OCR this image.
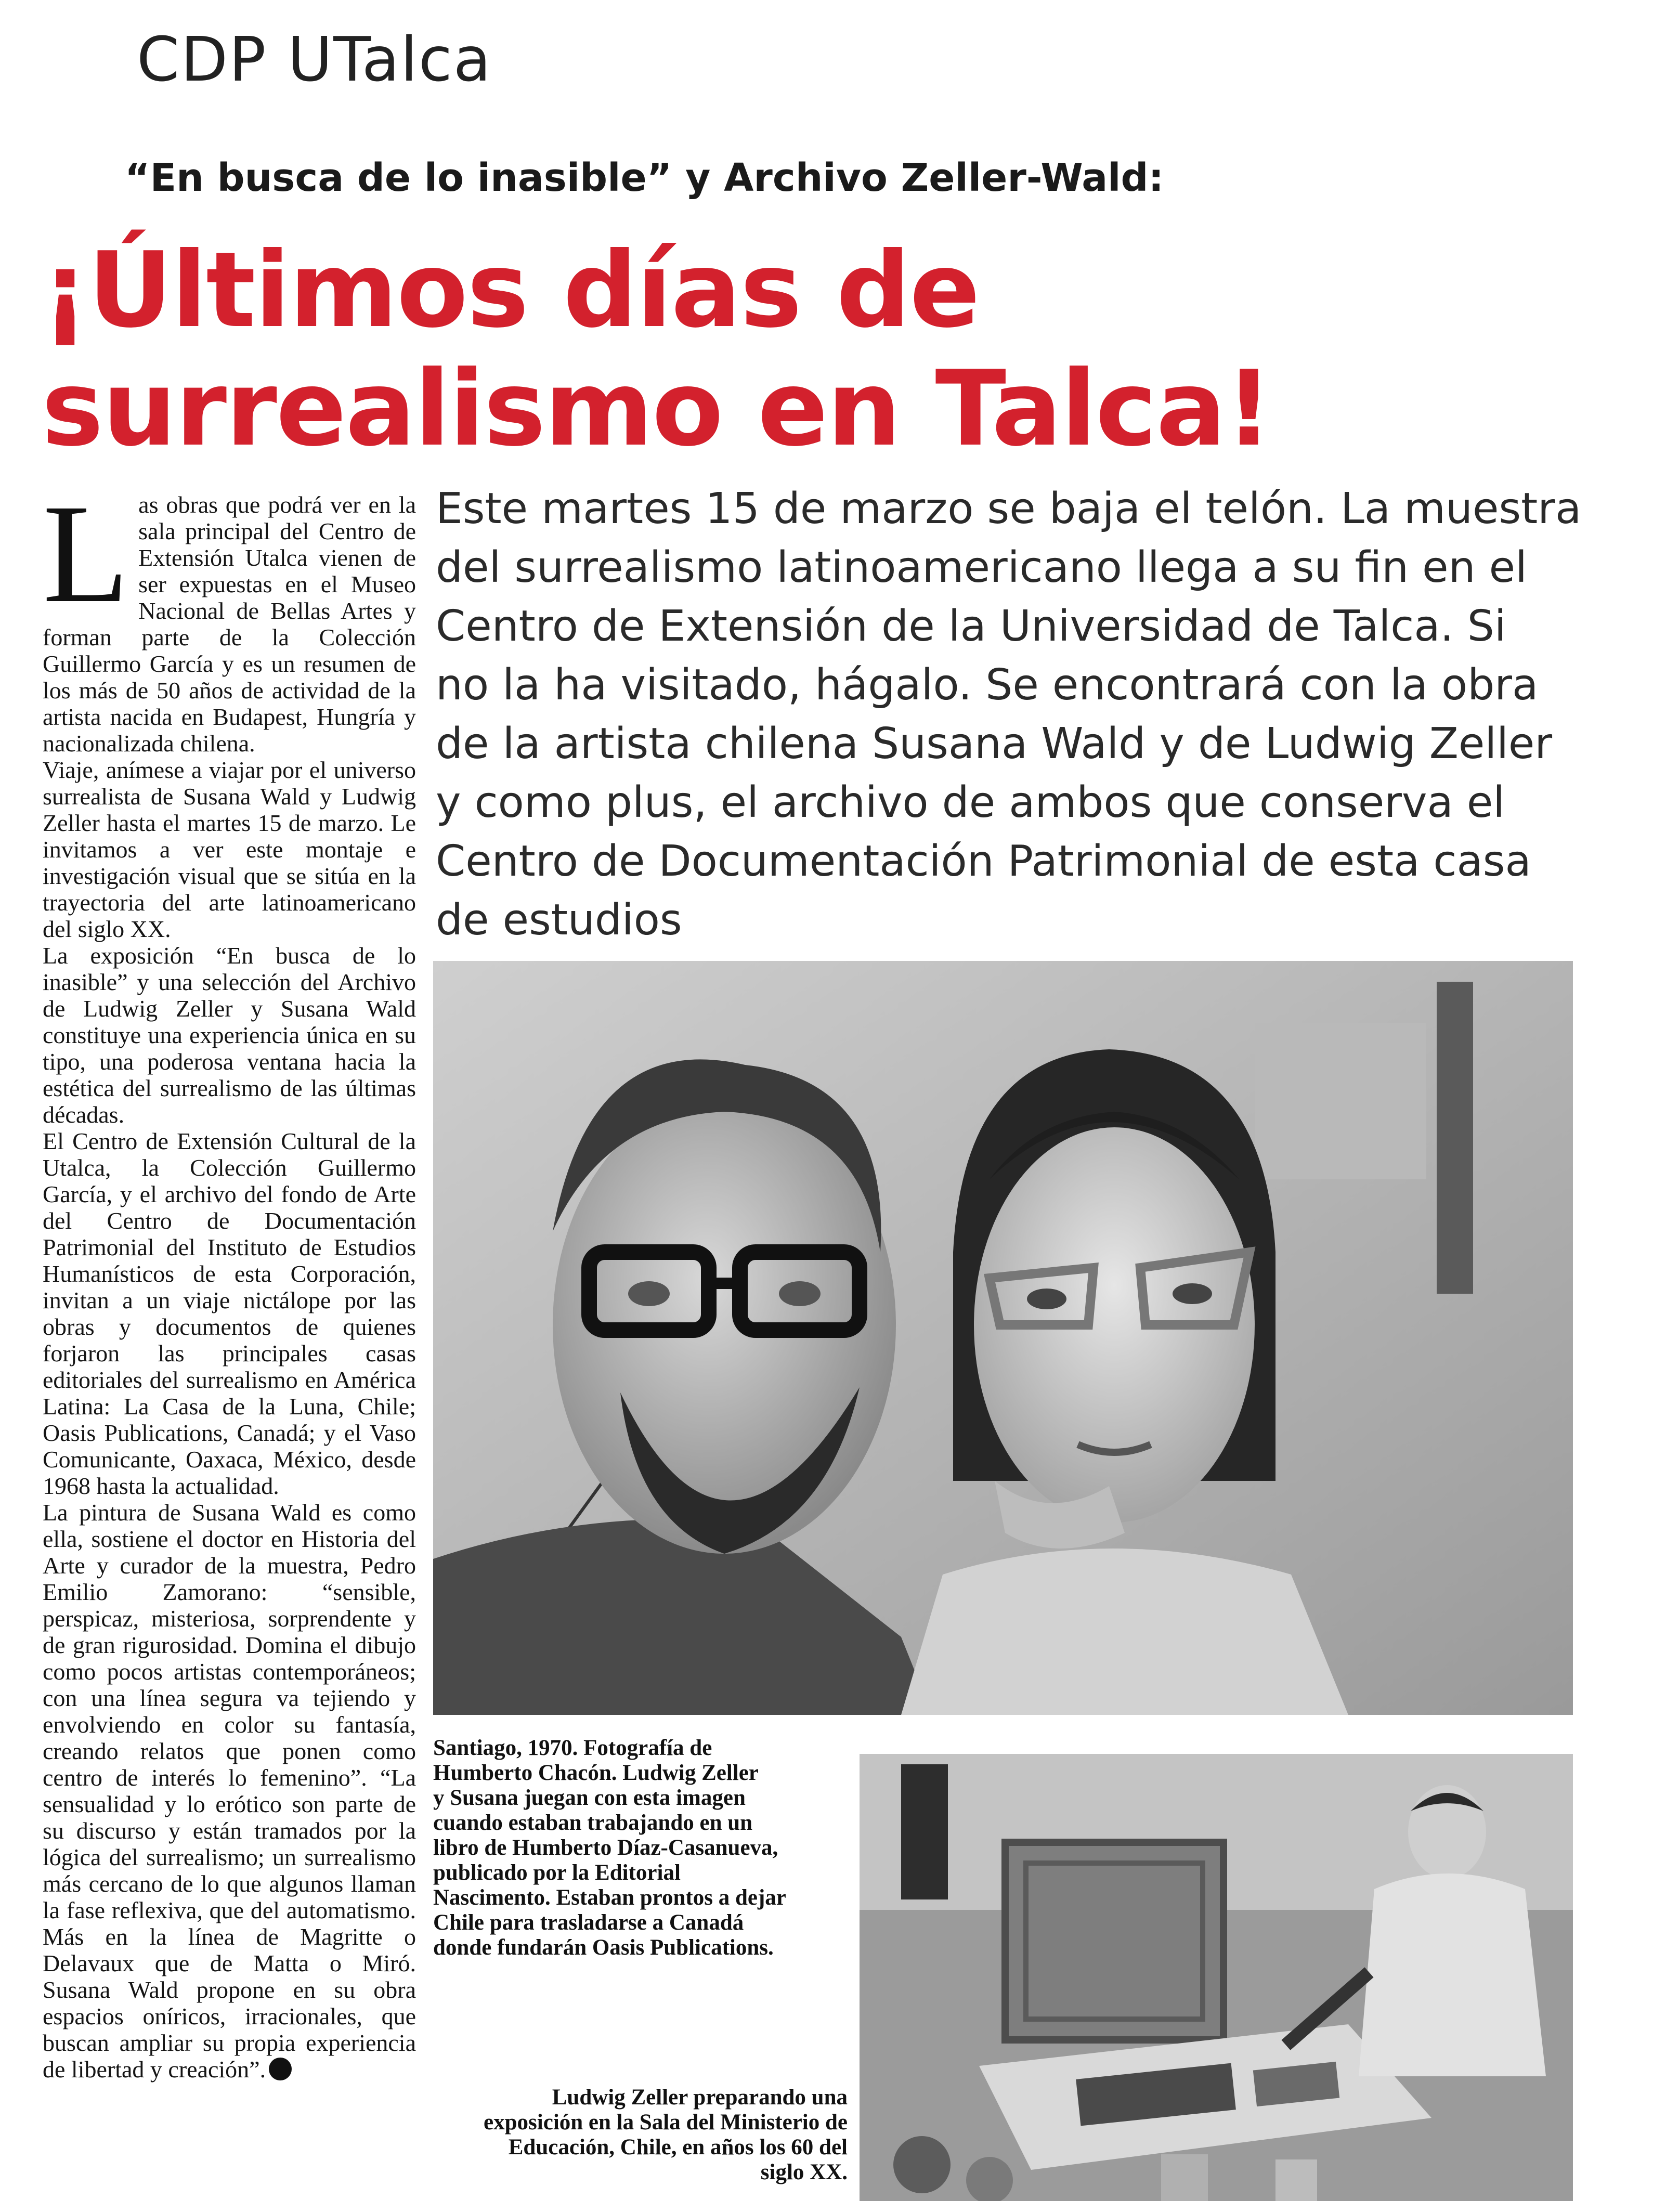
CDP UTalca
“En busca de lo inasible” y Archivo Zeller-Wald:
¡Últimos días de
surrealismo en Talca!
Este martes 15 de marzo se baja el telón. La muestra
del surrealismo latinoamericano llega a su fin en el
Centro de Extensión de la Universidad de Talca. Si
no la ha visitado, hágalo. Se encontrará con la obra
de la artista chilena Susana Wald y de Ludwig Zeller
y como plus, el archivo de ambos que conserva el
Centro de Documentación Patrimonial de esta casa
de estudios

Las obras que podrá ver en la sala principal del Centro de Extensión Utalca vienen de ser expuestas en el Museo Nacional de Bellas Artes y forman parte de la Colección Guillermo García y es un resumen de los más de 50 años de actividad de la artista nacida en Budapest, Hungría y nacionalizada chilena.

Viaje, anímese a viajar por el universo surrealista de Susana Wald y Ludwig Zeller hasta el martes 15 de marzo. Le invitamos a ver este montaje e investigación visual que se sitúa en la trayectoria del arte latinoamericano del siglo XX.

La exposición “En busca de lo inasible” y una selección del Archivo de Ludwig Zeller y Susana Wald constituye una experiencia única en su tipo, una poderosa ventana hacia la estética del surrealismo de las últimas décadas.

El Centro de Extensión Cultural de la Utalca, la Colección Guillermo García, y el archivo del fondo de Arte del Centro de Documentación Patrimonial del Instituto de Estudios Humanísticos de esta Corporación, invitan a un viaje nictálope por las obras y documentos de quienes forjaron las principales casas editoriales del surrealismo en América Latina: La Casa de la Luna, Chile; Oasis Publications, Canadá; y el Vaso Comunicante, Oaxaca, México, desde 1968 hasta la actualidad.

La pintura de Susana Wald es como ella, sostiene el doctor en Historia del Arte y curador de la muestra, Pedro Emilio Zamorano: “sensible, perspicaz, misteriosa, sorprendente y de gran rigurosidad. Domina el dibujo como pocos artistas contemporáneos; con una línea segura va tejiendo y envolviendo en color su fantasía, creando relatos que ponen como centro de interés lo femenino”. “La sensualidad y lo erótico son parte de su discurso y están tramados por la lógica del surrealismo; un surrealismo más cercano de lo que algunos llaman la fase reflexiva, que del automatismo. Más en la línea de Magritte o Delavaux que de Matta o Miró. Susana Wald propone en su obra espacios oníricos, irracionales, que buscan ampliar su propia experiencia de libertad y creación”.

Santiago, 1970. Fotografía de
Humberto Chacón. Ludwig Zeller
y Susana juegan con esta imagen
cuando estaban trabajando en un
libro de Humberto Díaz-Casanueva,
publicado por la Editorial
Nascimento. Estaban prontos a dejar
Chile para trasladarse a Canadá
donde fundarán Oasis Publications.
Ludwig Zeller preparando una
exposición en la Sala del Ministerio de
Educación, Chile, en años los 60 del
siglo XX.
